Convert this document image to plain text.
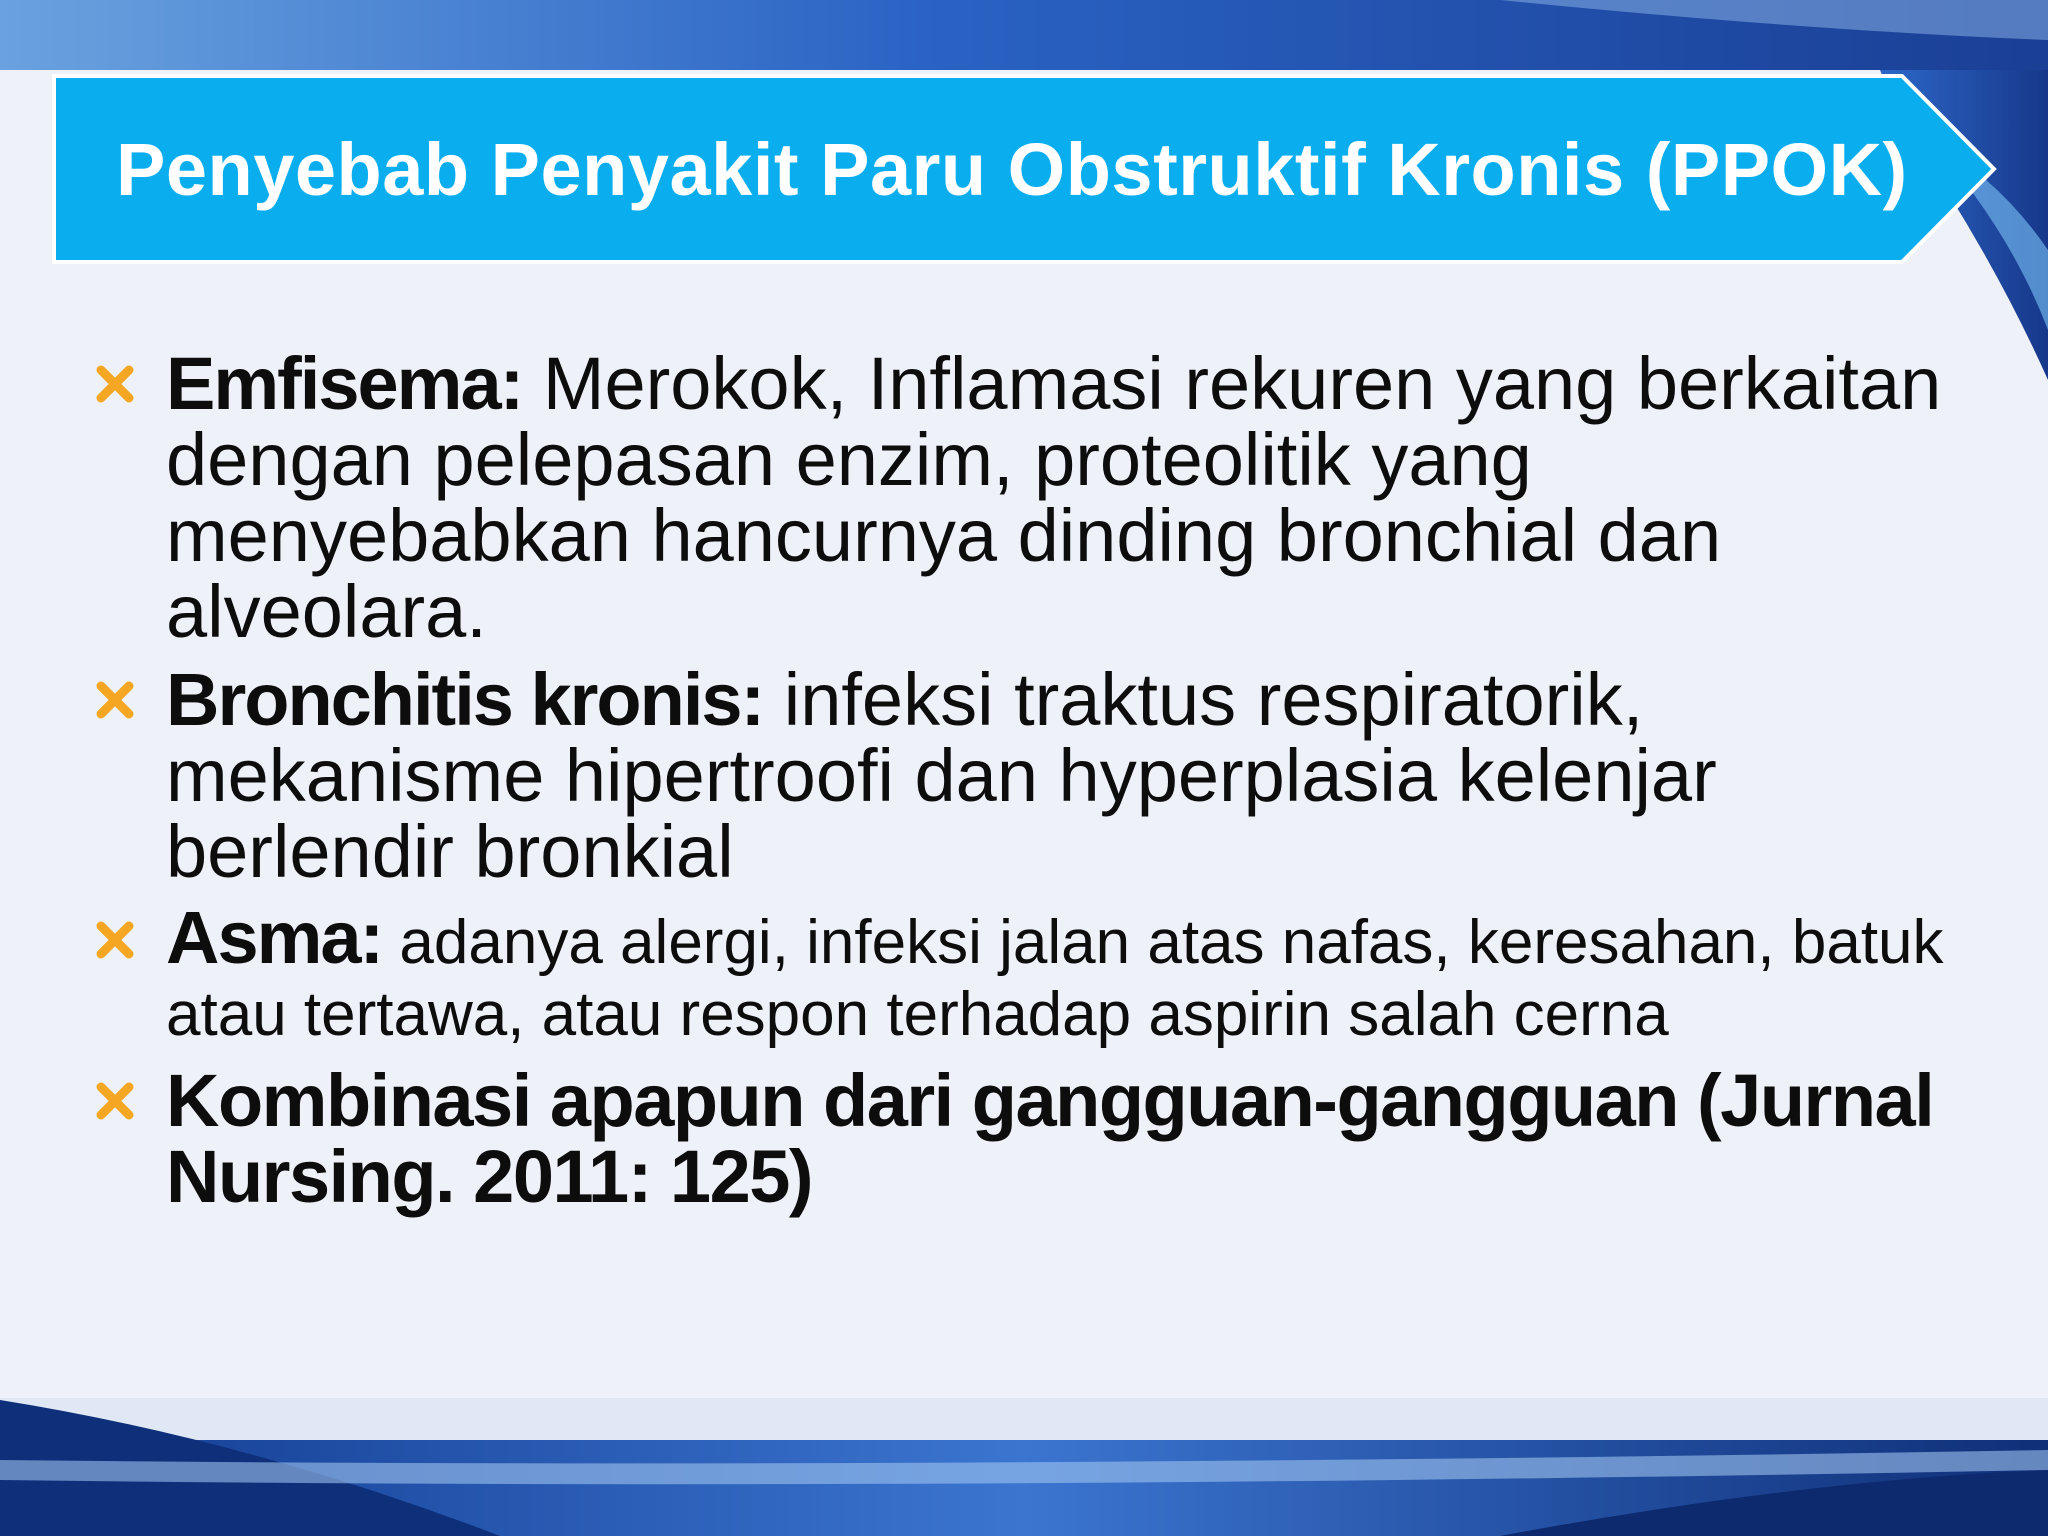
Penyebab Penyakit Paru Obstruktif Kronis (PPOK)
Emfisema: Merokok, Inflamasi rekuren yang berkaitan dengan pelepasan enzim, proteolitik yang menyebabkan hancurnya dinding bronchial dan alveolara.
Bronchitis kronis: infeksi traktus respiratorik, mekanisme hipertroofi dan hyperplasia kelenjar berlendir bronkial
Asma: adanya alergi, infeksi jalan atas nafas, keresahan, batuk atau tertawa, atau respon terhadap aspirin salah cerna
Kombinasi apapun dari gangguan-gangguan (Jurnal Nursing. 2011: 125)
